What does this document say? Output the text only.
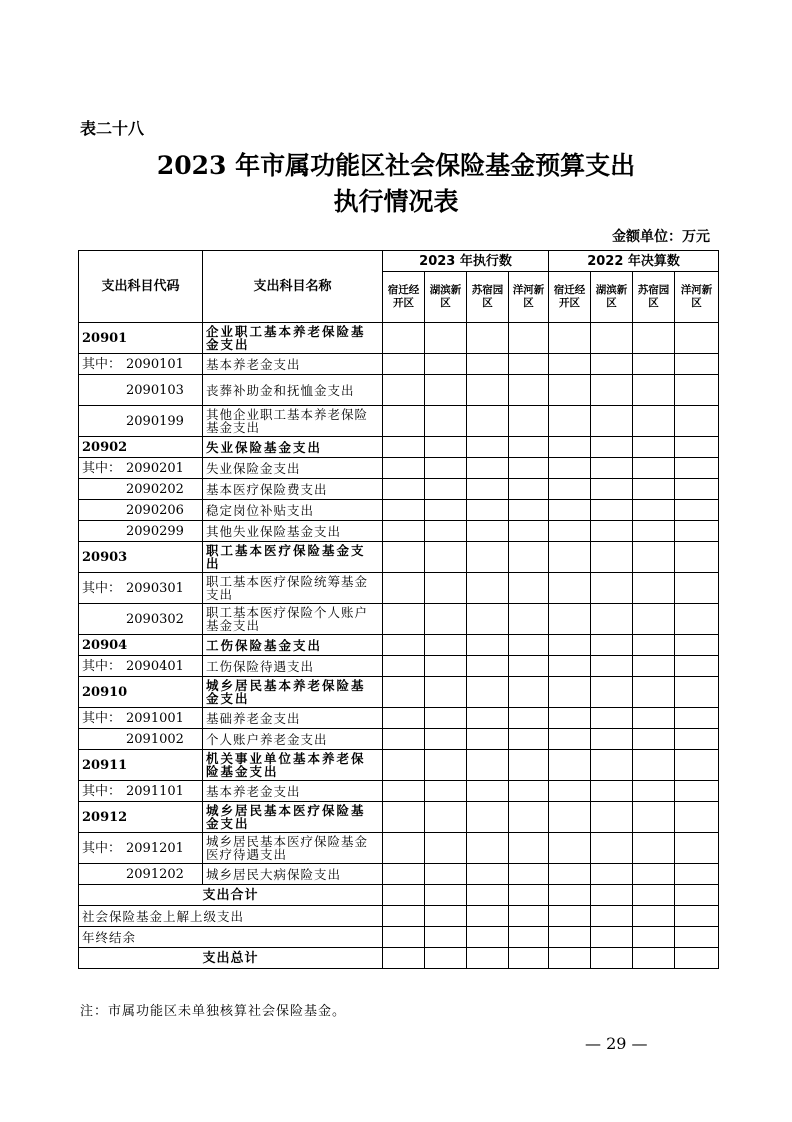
表二十八
2023 年市属功能区社会保险基金预算支出
执行情况表
金额单位：万元
支出科目代码	支出科目名称	2023 年执行数				2022 年决算数			
		宿迁经开区	湖滨新区	苏宿园区	洋河新区	宿迁经开区	湖滨新区	苏宿园区	洋河新区
20901	企业职工基本养老保险基金支出								
其中： 2090101	基本养老金支出								
2090103	丧葬补助金和抚恤金支出								
2090199	其他企业职工基本养老保险基金支出								
20902	失业保险基金支出								
其中： 2090201	失业保险金支出								
2090202	基本医疗保险费支出								
2090206	稳定岗位补贴支出								
2090299	其他失业保险基金支出								
20903	职工基本医疗保险基金支出								
其中： 2090301	职工基本医疗保险统筹基金支出								
2090302	职工基本医疗保险个人账户基金支出								
20904	工伤保险基金支出								
其中： 2090401	工伤保险待遇支出								
20910	城乡居民基本养老保险基金支出								
其中： 2091001	基础养老金支出								
2091002	个人账户养老金支出								
20911	机关事业单位基本养老保险基金支出								
其中： 2091101	基本养老金支出								
20912	城乡居民基本医疗保险基金支出								
其中： 2091201	城乡居民基本医疗保险基金医疗待遇支出								
2091202	城乡居民大病保险支出								
支出合计									
社会保险基金上解上级支出									
年终结余									
支出总计									
注：市属功能区未单独核算社会保险基金。
— 29 —
